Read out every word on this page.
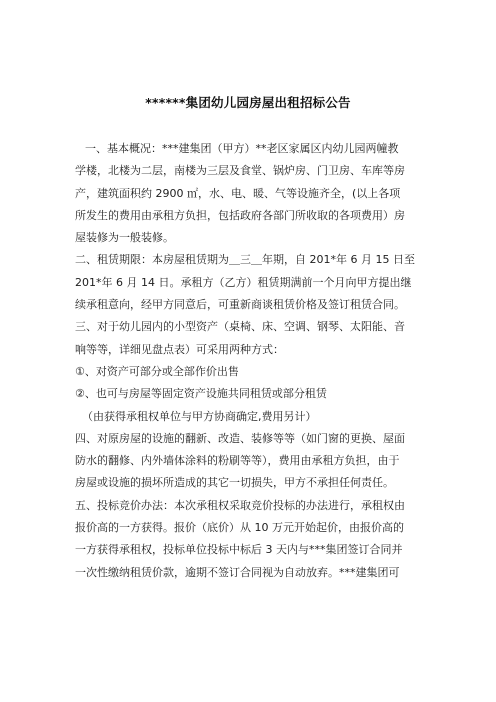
******集团幼儿园房屋出租招标公告
一、基本概况：***建集团（甲方）**老区家属区内幼儿园两幢教
学楼，北楼为二层，南楼为三层及食堂、锅炉房、门卫房、车库等房
产，建筑面积约 2900 ㎡，水、电、暖、气等设施齐全，(以上各项
所发生的费用由承租方负担，包括政府各部门所收取的各项费用）房
屋装修为一般装修。
二、租赁期限：本房屋租赁期为＿三＿年期，自 201*年 6 月 15 日至
201*年 6 月 14 日。承租方（乙方）租赁期满前一个月向甲方提出继
续承租意向，经甲方同意后，可重新商谈租赁价格及签订租赁合同。
三、对于幼儿园内的小型资产（桌椅、床、空调、钢琴、太阳能、音
响等等，详细见盘点表）可采用两种方式：
①、对资产可部分或全部作价出售
②、也可与房屋等固定资产设施共同租赁或部分租赁
（由获得承租权单位与甲方协商确定,费用另计）
四、对原房屋的设施的翻新、改造、装修等等（如门窗的更换、屋面
防水的翻修、内外墙体涂料的粉刷等等），费用由承租方负担，由于
房屋或设施的损坏所造成的其它一切损失，甲方不承担任何责任。
五、投标竞价办法：本次承租权采取竞价投标的办法进行，承租权由
报价高的一方获得。报价（底价）从 10 万元开始起价，由报价高的
一方获得承租权，投标单位投标中标后 3 天内与***集团签订合同并
一次性缴纳租赁价款，逾期不签订合同视为自动放弃。***建集团可
